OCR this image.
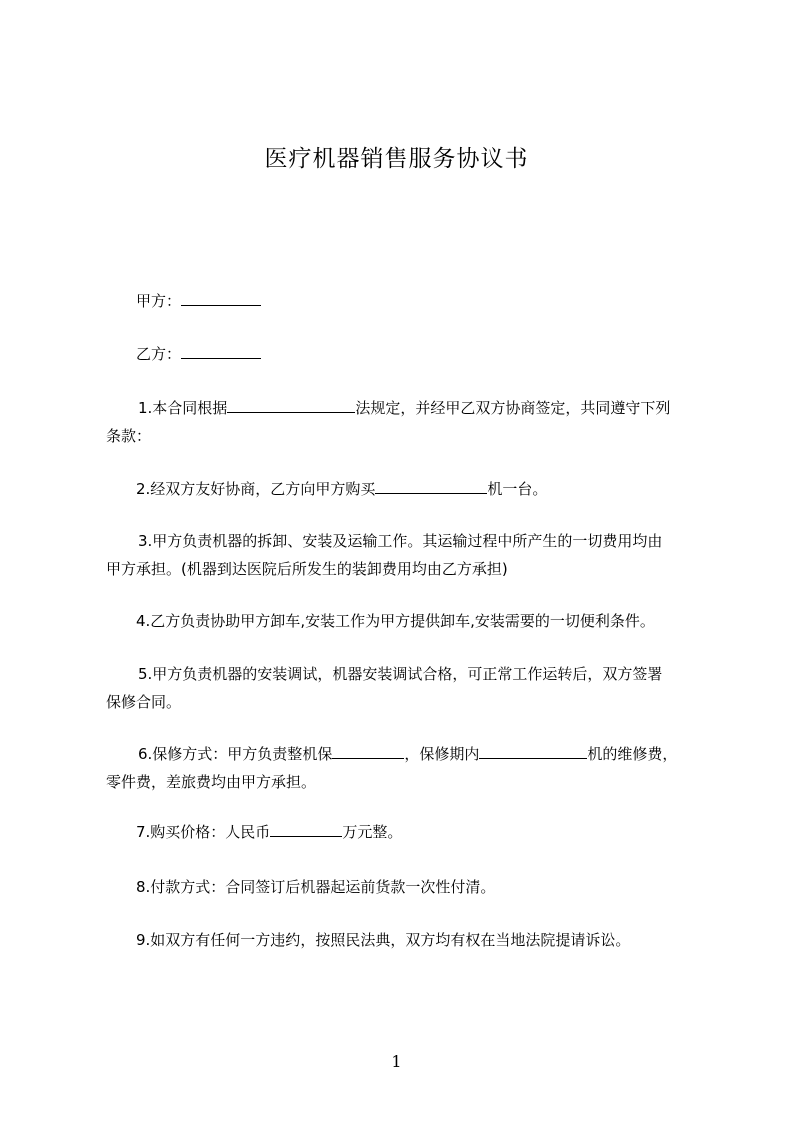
医疗机器销售服务协议书
甲方：
乙方：
1.本合同根据	法规定，并经甲乙双方协商签定，共同遵守下列
条款：
2.经双方友好协商，乙方向甲方购买	机一台。
3.甲方负责机器的拆卸、安装及运输工作。其运输过程中所产生的一切费用均由
甲方承担。(机器到达医院后所发生的装卸费用均由乙方承担)
4.乙方负责协助甲方卸车,安装工作为甲方提供卸车,安装需要的一切便利条件。
5.甲方负责机器的安装调试，机器安装调试合格，可正常工作运转后，双方签署
保修合同。
6.保修方式：甲方负责整机保	，保修期内	机的维修费，
零件费，差旅费均由甲方承担。
7.购买价格：人民币	万元整。
8.付款方式：合同签订后机器起运前货款一次性付清。
9.如双方有任何一方违约，按照民法典，双方均有权在当地法院提请诉讼。
1
